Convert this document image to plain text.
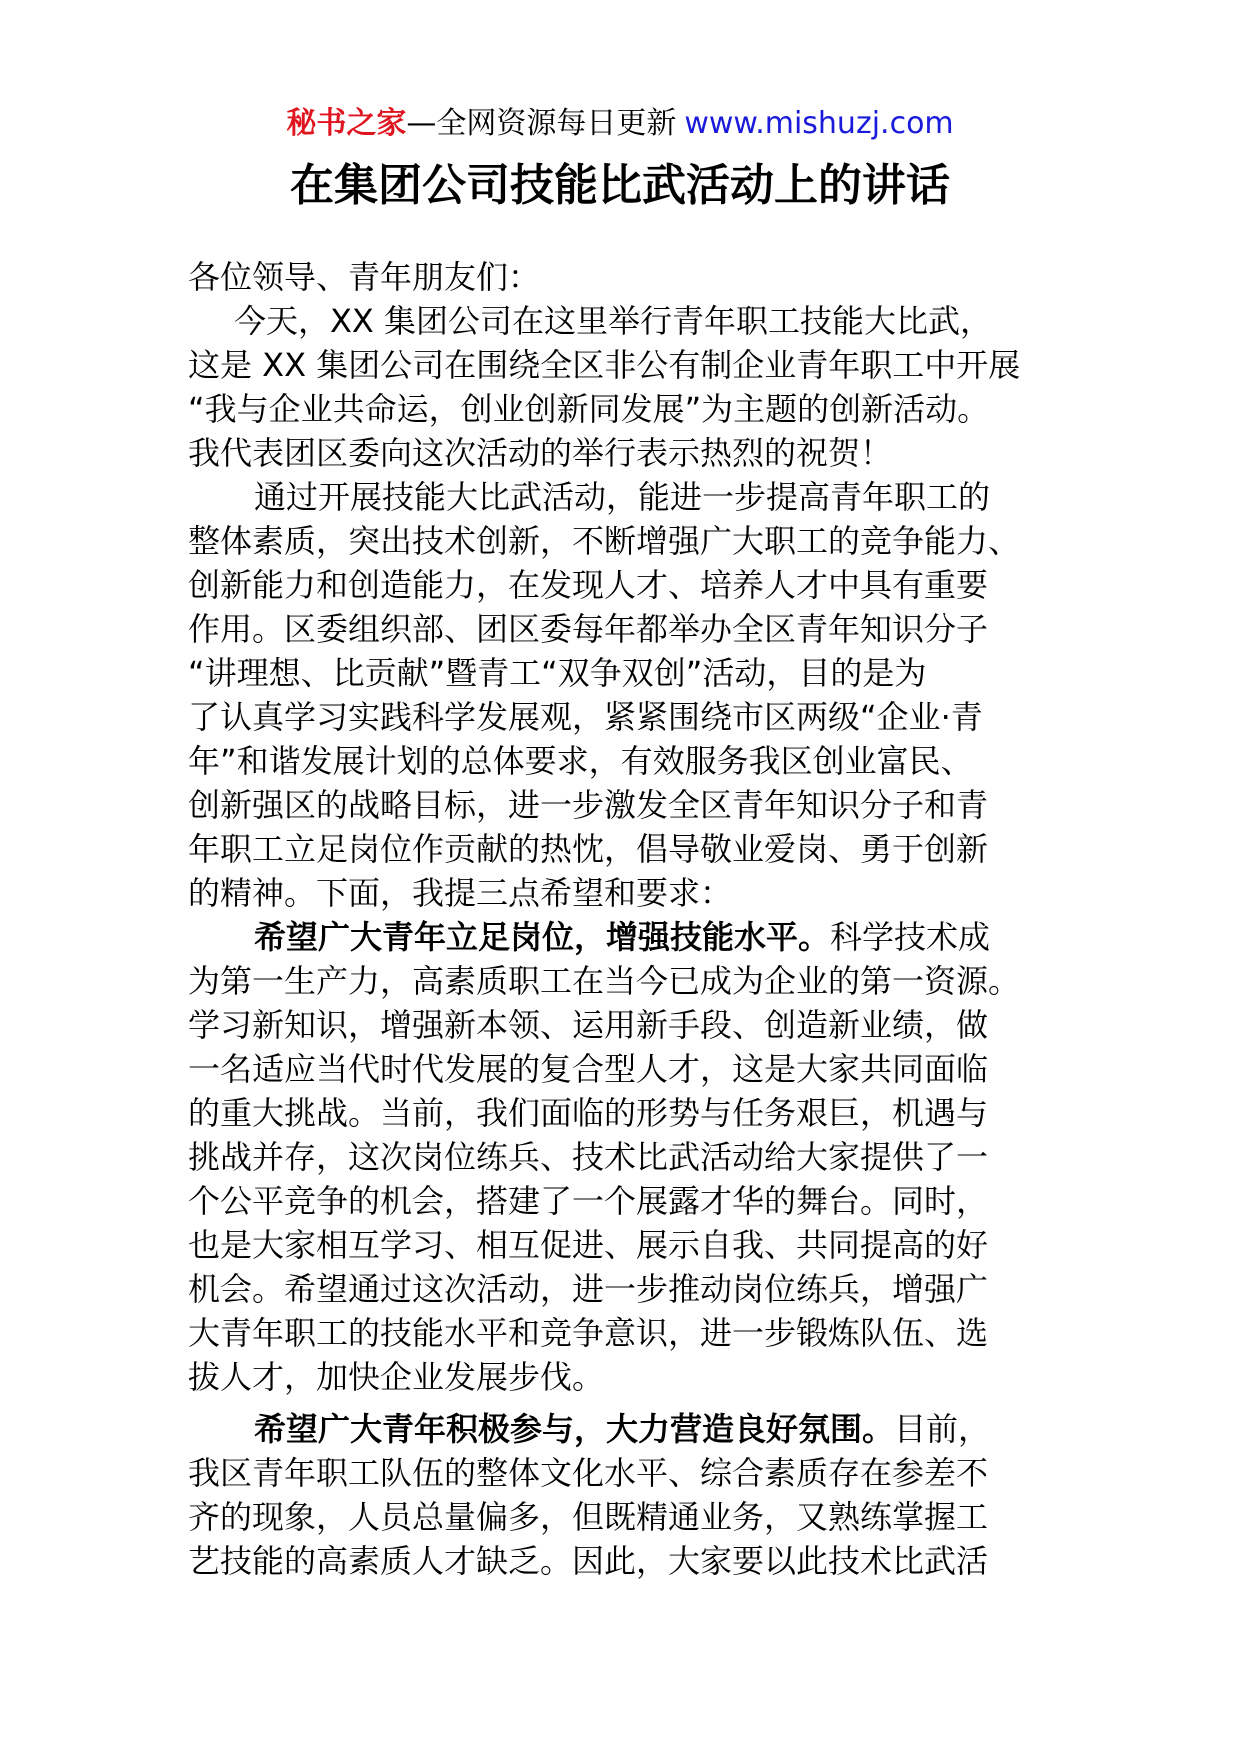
秘书之家—全网资源每日更新 www.mishuzj.com
在集团公司技能比武活动上的讲话
各位领导、青年朋友们：
今天，XX 集团公司在这里举行青年职工技能大比武，
这是 XX 集团公司在围绕全区非公有制企业青年职工中开展
“我与企业共命运，创业创新同发展”为主题的创新活动。
我代表团区委向这次活动的举行表示热烈的祝贺！
通过开展技能大比武活动，能进一步提高青年职工的
整体素质，突出技术创新，不断增强广大职工的竞争能力、
创新能力和创造能力，在发现人才、培养人才中具有重要
作用。区委组织部、团区委每年都举办全区青年知识分子
“讲理想、比贡献”暨青工“双争双创”活动，目的是为
了认真学习实践科学发展观，紧紧围绕市区两级“企业·青
年”和谐发展计划的总体要求，有效服务我区创业富民、
创新强区的战略目标，进一步激发全区青年知识分子和青
年职工立足岗位作贡献的热忱，倡导敬业爱岗、勇于创新
的精神。下面，我提三点希望和要求：
希望广大青年立足岗位，增强技能水平。科学技术成
为第一生产力，高素质职工在当今已成为企业的第一资源。
学习新知识，增强新本领、运用新手段、创造新业绩，做
一名适应当代时代发展的复合型人才，这是大家共同面临
的重大挑战。当前，我们面临的形势与任务艰巨，机遇与
挑战并存，这次岗位练兵、技术比武活动给大家提供了一
个公平竞争的机会，搭建了一个展露才华的舞台。同时，
也是大家相互学习、相互促进、展示自我、共同提高的好
机会。希望通过这次活动，进一步推动岗位练兵，增强广
大青年职工的技能水平和竞争意识，进一步锻炼队伍、选
拔人才，加快企业发展步伐。
希望广大青年积极参与，大力营造良好氛围。目前，
我区青年职工队伍的整体文化水平、综合素质存在参差不
齐的现象，人员总量偏多，但既精通业务，又熟练掌握工
艺技能的高素质人才缺乏。因此，大家要以此技术比武活
